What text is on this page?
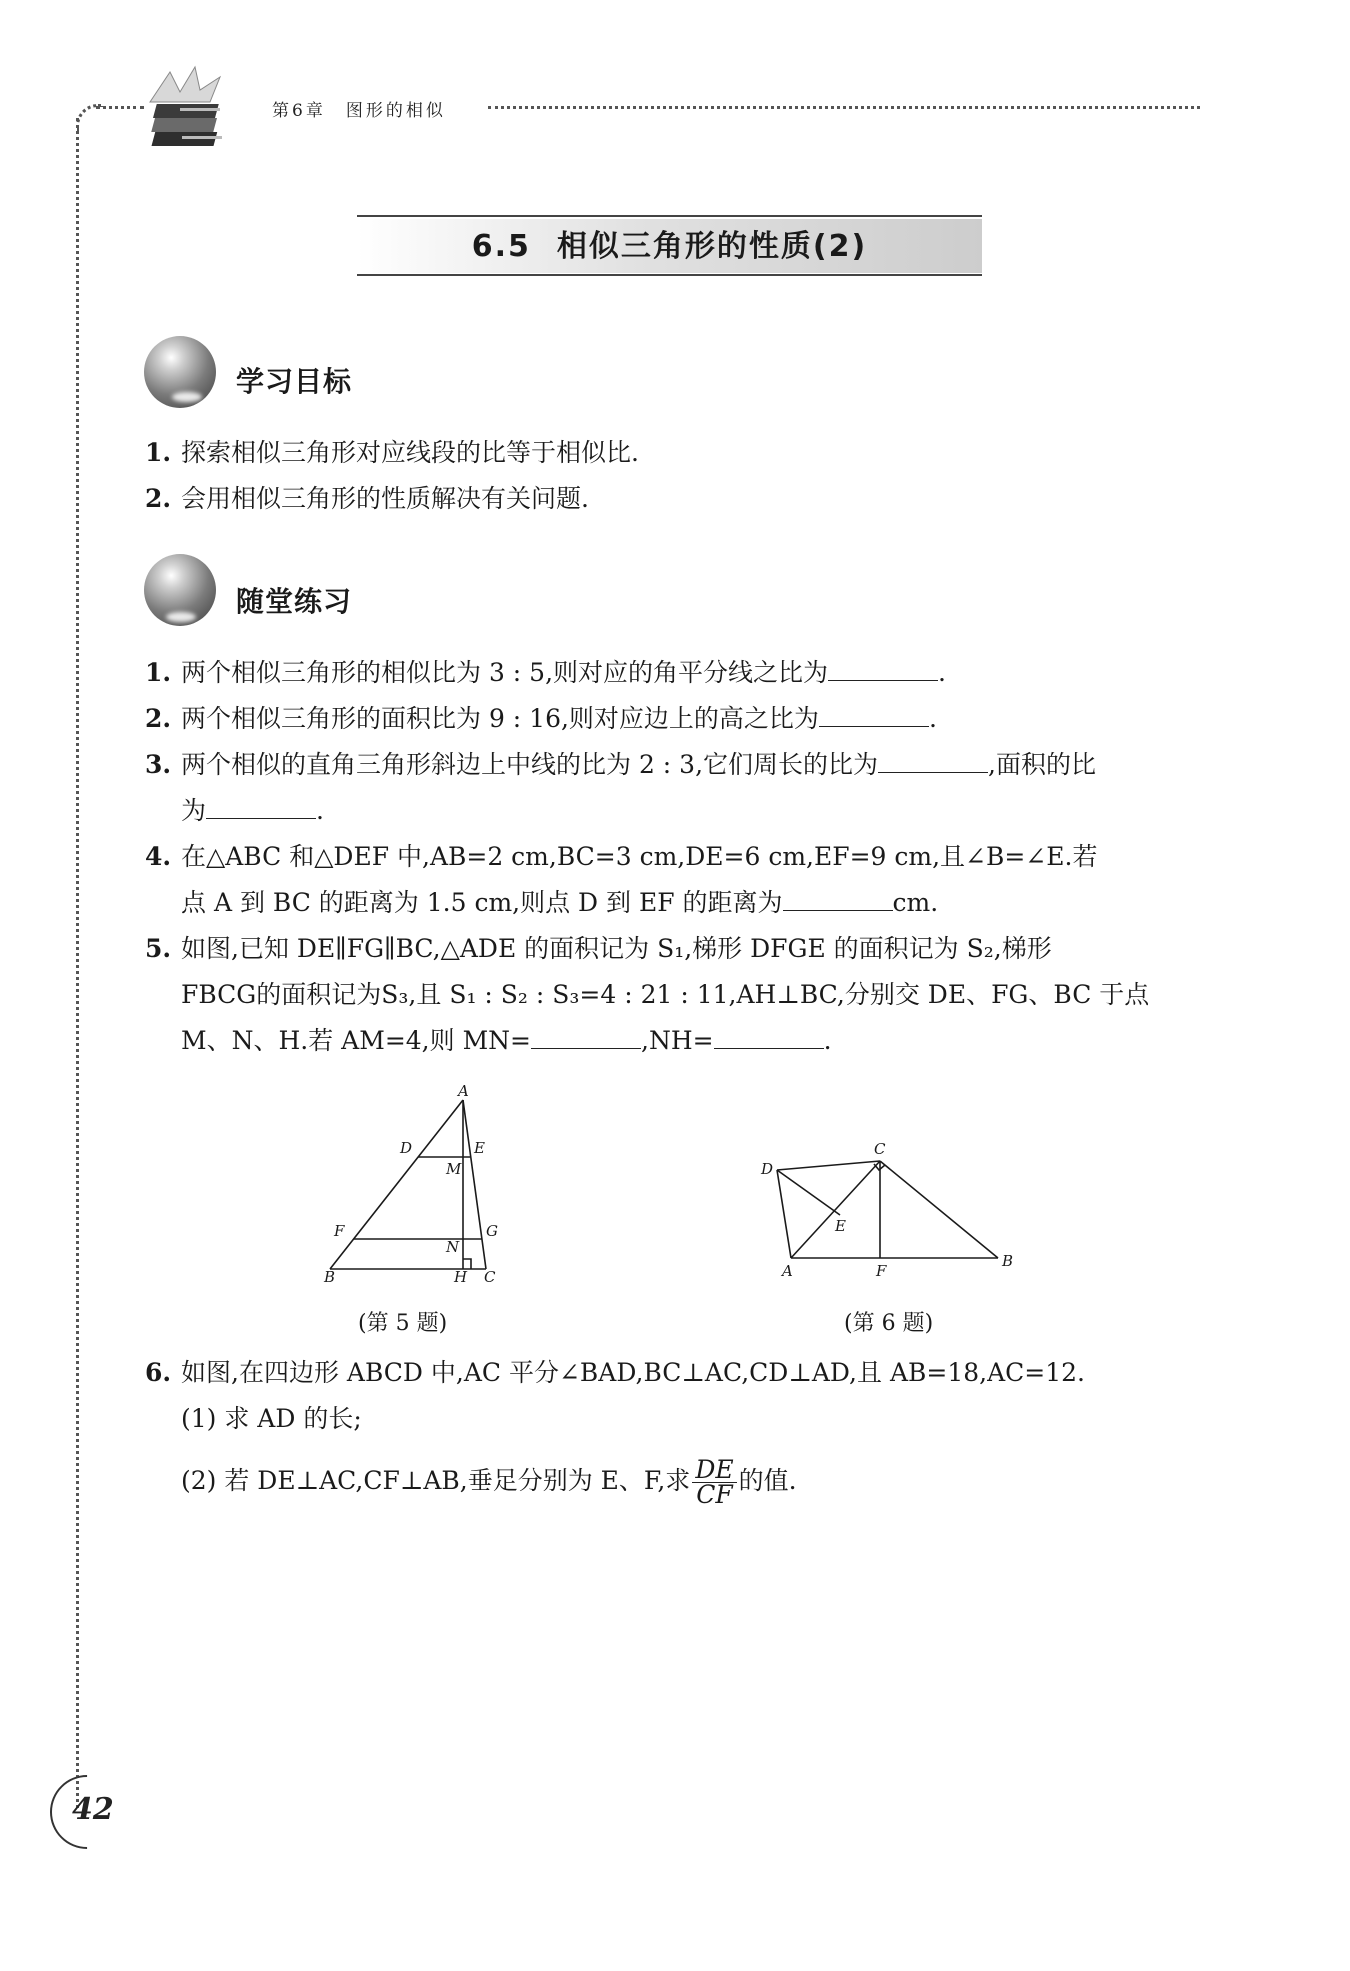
第6章　图形的相似
6.5 相似三角形的性质(2)
学习目标
1. 探索相似三角形对应线段的比等于相似比.
2. 会用相似三角形的性质解决有关问题.
随堂练习
1. 两个相似三角形的相似比为 3 : 5,则对应的角平分线之比为	.
2. 两个相似三角形的面积比为 9 : 16,则对应边上的高之比为	.
3. 两个相似的直角三角形斜边上中线的比为 2 : 3,它们周长的比为	,面积的比
为	.
4. 在△ABC 和△DEF 中,AB=2 cm,BC=3 cm,DE=6 cm,EF=9 cm,且∠B=∠E.若
点 A 到 BC 的距离为 1.5 cm,则点 D 到 EF 的距离为	cm.
5. 如图,已知 DE∥FG∥BC,△ADE 的面积记为 S₁,梯形 DFGE 的面积记为 S₂,梯形
FBCG的面积记为S₃,且 S₁ : S₂ : S₃=4 : 21 : 11,AH⊥BC,分别交 DE、FG、BC 于点
M、N、H.若 AM=4,则 MN=	,NH=	.
A
D	E
M
F	G
N
B	H C
(第 5 题)
C
D
E
A	F
B
(第 6 题)
6. 如图,在四边形 ABCD 中,AC 平分∠BAD,BC⊥AC,CD⊥AD,且 AB=18,AC=12.
(1) 求 AD 的长;
(2) 若 DE⊥AC,CF⊥AB,垂足分别为 E、F,求 $\frac{DE}{CF}$ 的值.
42
